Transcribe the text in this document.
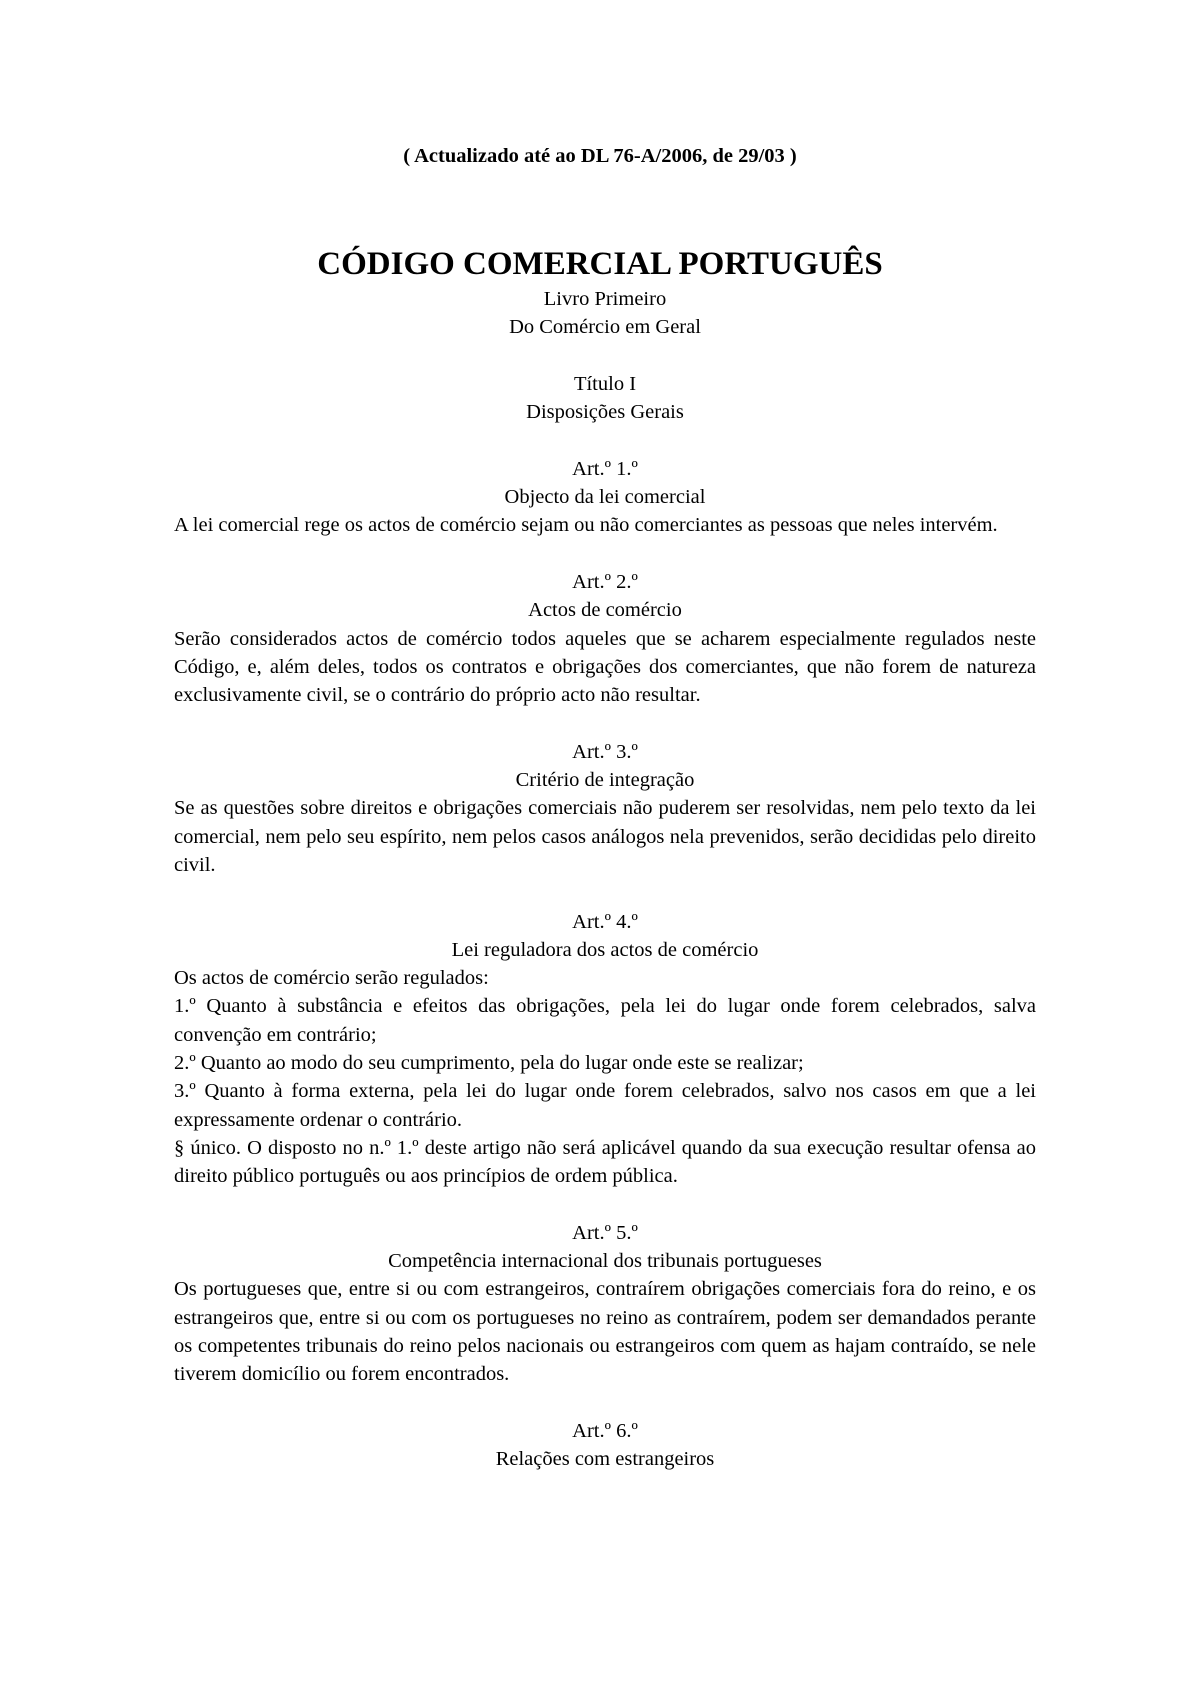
( Actualizado até ao DL 76-A/2006, de 29/03 )
CÓDIGO COMERCIAL PORTUGUÊS

Livro Primeiro

Do Comércio em Geral

Título I

Disposições Gerais

Art.º 1.º

Objecto da lei comercial

A lei comercial rege os actos de comércio sejam ou não comerciantes as pessoas que neles intervém.

Art.º 2.º

Actos de comércio

Serão considerados actos de comércio todos aqueles que se acharem especialmente regulados neste Código, e, além deles, todos os contratos e obrigações dos comerciantes, que não forem de natureza exclusivamente civil, se o contrário do próprio acto não resultar.

Art.º 3.º

Critério de integração

Se as questões sobre direitos e obrigações comerciais não puderem ser resolvidas, nem pelo texto da lei comercial, nem pelo seu espírito, nem pelos casos análogos nela prevenidos, serão decididas pelo direito civil.

Art.º 4.º

Lei reguladora dos actos de comércio

Os actos de comércio serão regulados:

1.º Quanto à substância e efeitos das obrigações, pela lei do lugar onde forem celebrados, salva convenção em contrário;

2.º Quanto ao modo do seu cumprimento, pela do lugar onde este se realizar;

3.º Quanto à forma externa, pela lei do lugar onde forem celebrados, salvo nos casos em que a lei expressamente ordenar o contrário.

§ único. O disposto no n.º 1.º deste artigo não será aplicável quando da sua execução resultar ofensa ao direito público português ou aos princípios de ordem pública.

Art.º 5.º

Competência internacional dos tribunais portugueses

Os portugueses que, entre si ou com estrangeiros, contraírem obrigações comerciais fora do reino, e os estrangeiros que, entre si ou com os portugueses no reino as contraírem, podem ser demandados perante os competentes tribunais do reino pelos nacionais ou estrangeiros com quem as hajam contraído, se nele tiverem domicílio ou forem encontrados.

Art.º 6.º

Relações com estrangeiros
